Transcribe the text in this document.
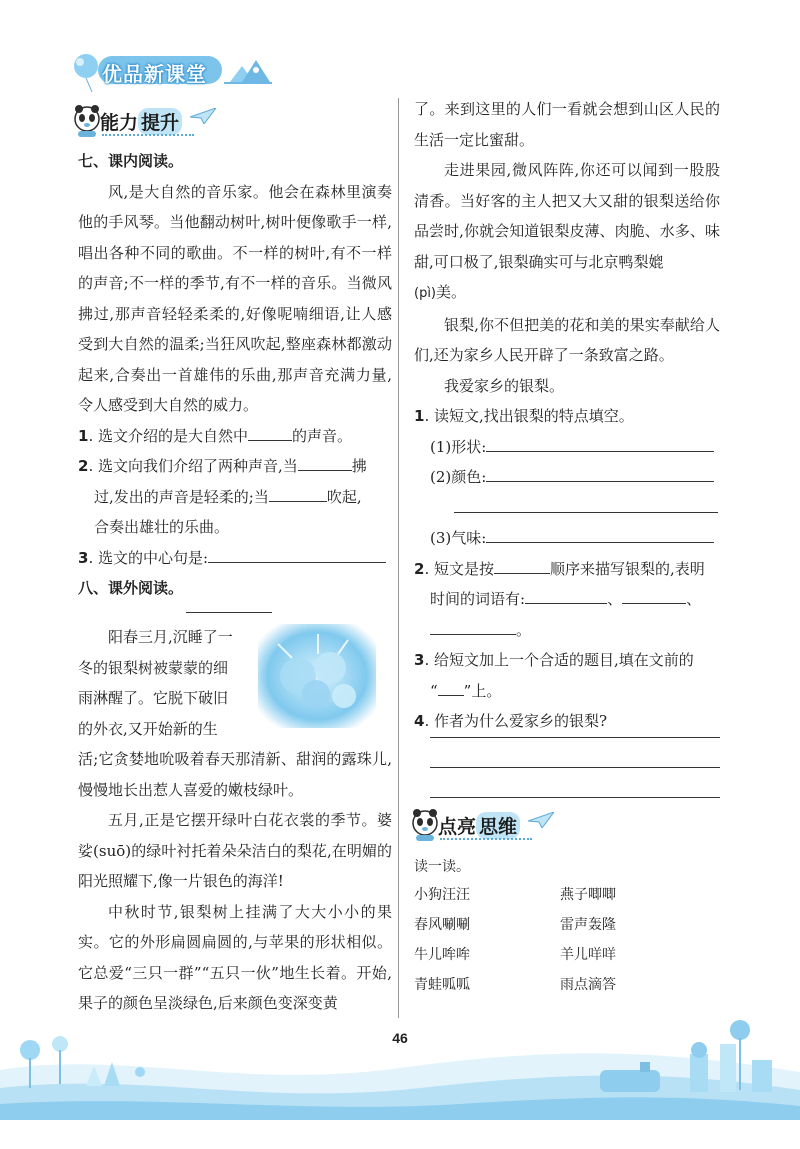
优品新课堂
能力 提升

七、课内阅读。

风,是大自然的音乐家。他会在森林里演奏他的手风琴。当他翻动树叶,树叶便像歌手一样,唱出各种不同的歌曲。不一样的树叶,有不一样的声音;不一样的季节,有不一样的音乐。当微风拂过,那声音轻轻柔柔的,好像呢喃细语,让人感受到大自然的温柔;当狂风吹起,整座森林都激动起来,合奏出一首雄伟的乐曲,那声音充满力量,令人感受到大自然的威力。

1. 选文介绍的是大自然中	的声音。

2. 选文向我们介绍了两种声音,当	拂

过,发出的声音是轻柔的;当	吹起,

合奏出雄壮的乐曲。

3. 选文的中心句是:

八、课外阅读。

阳春三月,沉睡了一

冬的银梨树被蒙蒙的细

雨淋醒了。它脱下破旧

的外衣,又开始新的生

活;它贪婪地吮吸着春天那清新、甜润的露珠儿,慢慢地长出惹人喜爱的嫩枝绿叶。

五月,正是它摆开绿叶白花衣裳的季节。婆娑(suō)的绿叶衬托着朵朵洁白的梨花,在明媚的阳光照耀下,像一片银色的海洋!

中秋时节,银梨树上挂满了大大小小的果实。它的外形扁圆扁圆的,与苹果的形状相似。它总爱“三只一群”“五只一伙”地生长着。开始,果子的颜色呈淡绿色,后来颜色变深变黄

了。来到这里的人们一看就会想到山区人民的生活一定比蜜甜。

走进果园,微风阵阵,你还可以闻到一股股清香。当好客的主人把又大又甜的银梨送给你品尝时,你就会知道银梨皮薄、肉脆、水多、味甜,可口极了,银梨确实可与北京鸭梨媲
(pì)美。

银梨,你不但把美的花和美的果实奉献给人们,还为家乡人民开辟了一条致富之路。

我爱家乡的银梨。

1. 读短文,找出银梨的特点填空。

(1)形状:

(2)颜色:

(3)气味:

2. 短文是按	顺序来描写银梨的,表明

时间的词语有:	、	、

。

3. 给短文加上一个合适的题目,填在文前的

“ ”上。

4. 作者为什么爱家乡的银梨?

点亮 思维
读一读。
小狗汪汪	燕子唧唧
春风唰唰	雷声轰隆
牛儿哞哞	羊儿咩咩
青蛙呱呱	雨点滴答
46
